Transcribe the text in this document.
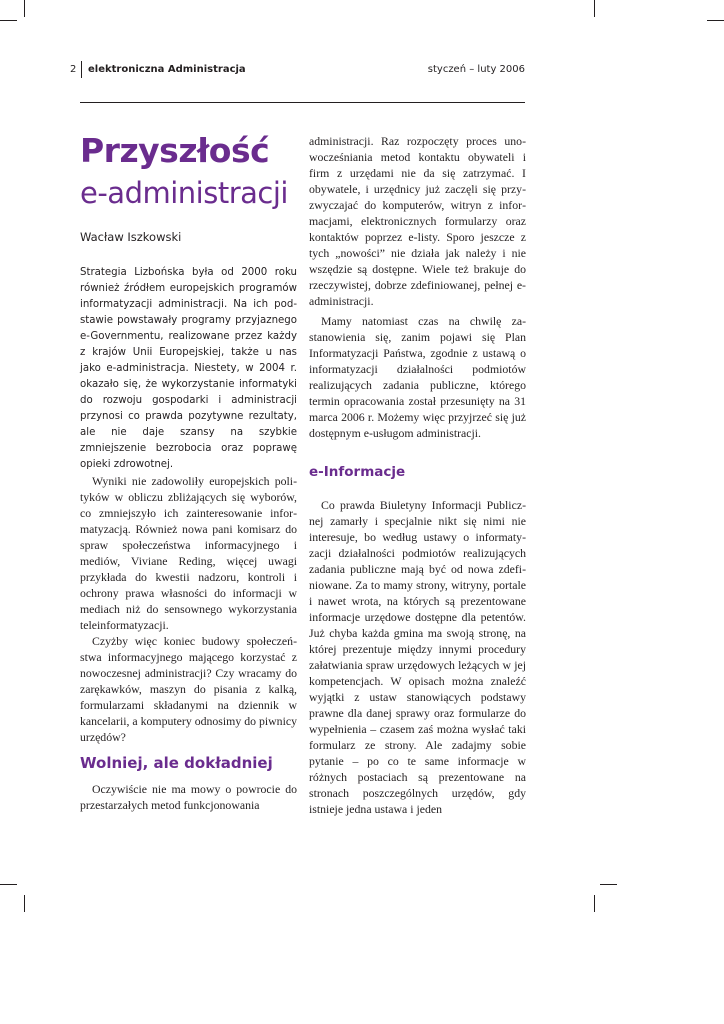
2 elektroniczna Administracja	styczeń – luty 2006
Przyszłość
e-administracji
Wacław Iszkowski

Strategia Lizbońska była od 2000 roku również źródłem europejskich programów informatyzacji administracji. Na ich podstawie powstawały programy przyjaznego e-Governmentu, realizowane przez każdy z krajów Unii Europejskiej, także u nas jako e-administracja. Niestety, w 2004 r. okazało się, że wykorzystanie informatyki do rozwoju gospodarki i administracji przynosi co prawda pozytywne rezultaty, ale nie daje szansy na szybkie zmniejszenie bezrobocia oraz poprawę opieki zdrowotnej.

Wyniki nie zadowoliły europejskich polityków w obliczu zbliżających się wyborów, co zmniejszyło ich zainteresowanie informatyzacją. Również nowa pani komisarz do spraw społeczeństwa informacyjnego i mediów, Viviane Reding, więcej uwagi przykłada do kwestii nadzoru, kontroli i ochrony prawa własności do informacji w mediach niż do sensownego wykorzystania teleinformatyzacji.

Czyżby więc koniec budowy społeczeństwa informacyjnego mającego korzystać z nowoczesnej administracji? Czy wracamy do zarękawków, maszyn do pisania z kalką, formularzami składanymi na dziennik w kancelarii, a komputery odnosimy do piwnicy urzędów?

Wolniej, ale dokładniej

Oczywiście nie ma mowy o powrocie do przestarzałych metod funkcjonowania

administracji. Raz rozpoczęty proces unowocześniania metod kontaktu obywateli i firm z urzędami nie da się zatrzymać. I obywatele, i urzędnicy już zaczęli się przyzwyczajać do komputerów, witryn z informacjami, elektronicznych formularzy oraz kontaktów poprzez e-listy. Sporo jeszcze z tych „nowości” nie działa jak należy i nie wszędzie są dostępne. Wiele też brakuje do rzeczywistej, dobrze zdefiniowanej, pełnej e-administracji.

Mamy natomiast czas na chwilę zastanowienia się, zanim pojawi się Plan Informatyzacji Państwa, zgodnie z ustawą o informatyzacji działalności podmiotów realizujących zadania publiczne, którego termin opracowania został przesunięty na 31 marca 2006 r. Możemy więc przyjrzeć się już dostępnym e-usługom administracji.

e-Informacje

Co prawda Biuletyny Informacji Publicznej zamarły i specjalnie nikt się nimi nie interesuje, bo według ustawy o informatyzacji działalności podmiotów realizujących zadania publiczne mają być od nowa zdefiniowane. Za to mamy strony, witryny, portale i nawet wrota, na których są prezentowane informacje urzędowe dostępne dla petentów. Już chyba każda gmina ma swoją stronę, na której prezentuje między innymi procedury załatwiania spraw urzędowych leżących w jej kompetencjach. W opisach można znaleźć wyjątki z ustaw stanowiących podstawy prawne dla danej sprawy oraz formularze do wypełnienia – czasem zaś można wysłać taki formularz ze strony. Ale zadajmy sobie pytanie – po co te same informacje w różnych postaciach są prezentowane na stronach poszczególnych urzędów, gdy istnieje jedna ustawa i jeden
